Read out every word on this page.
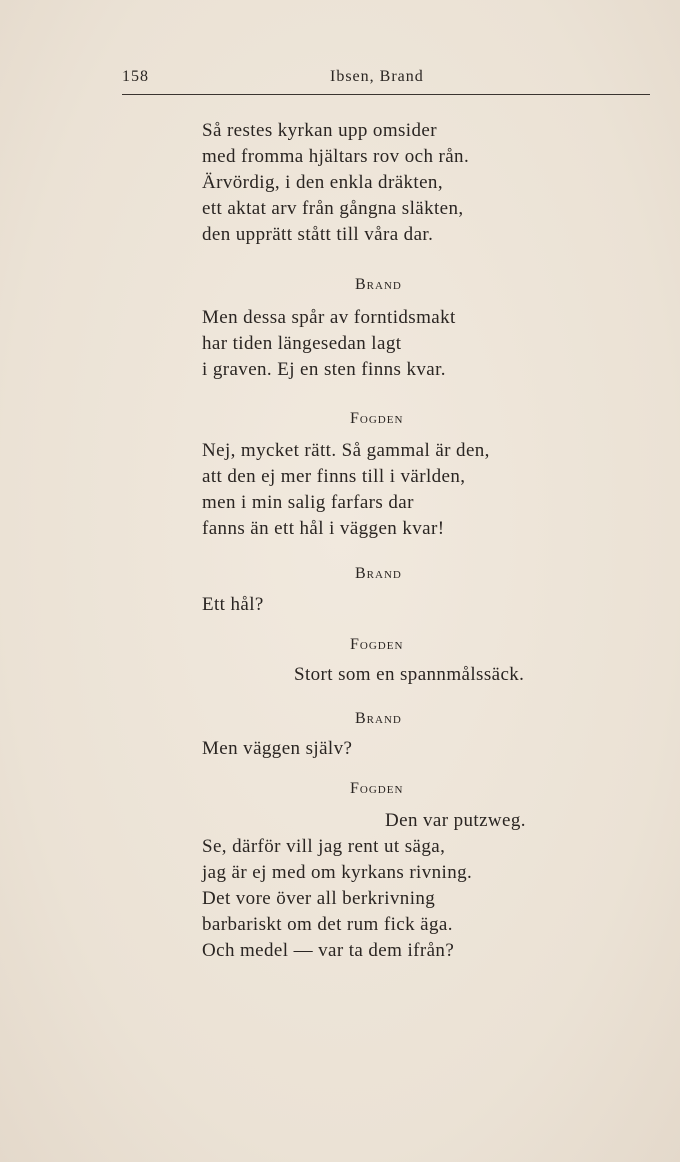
158	Ibsen, Brand
Så restes kyrkan upp omsider
med fromma hjältars rov och rån.
Ärvördig, i den enkla dräkten,
ett aktat arv från gångna släkten,
den upprätt stått till våra dar.
Brand
Men dessa spår av forntidsmakt
har tiden längesedan lagt
i graven. Ej en sten finns kvar.
Fogden
Nej, mycket rätt. Så gammal är den,
att den ej mer finns till i världen,
men i min salig farfars dar
fanns än ett hål i väggen kvar!
Brand
Ett hål?
Fogden
Stort som en spannmålssäck.
Brand
Men väggen själv?
Fogden
Den var putzweg.
Se, därför vill jag rent ut säga,
jag är ej med om kyrkans rivning.
Det vore över all berkrivning
barbariskt om det rum fick äga.
Och medel — var ta dem ifrån?
